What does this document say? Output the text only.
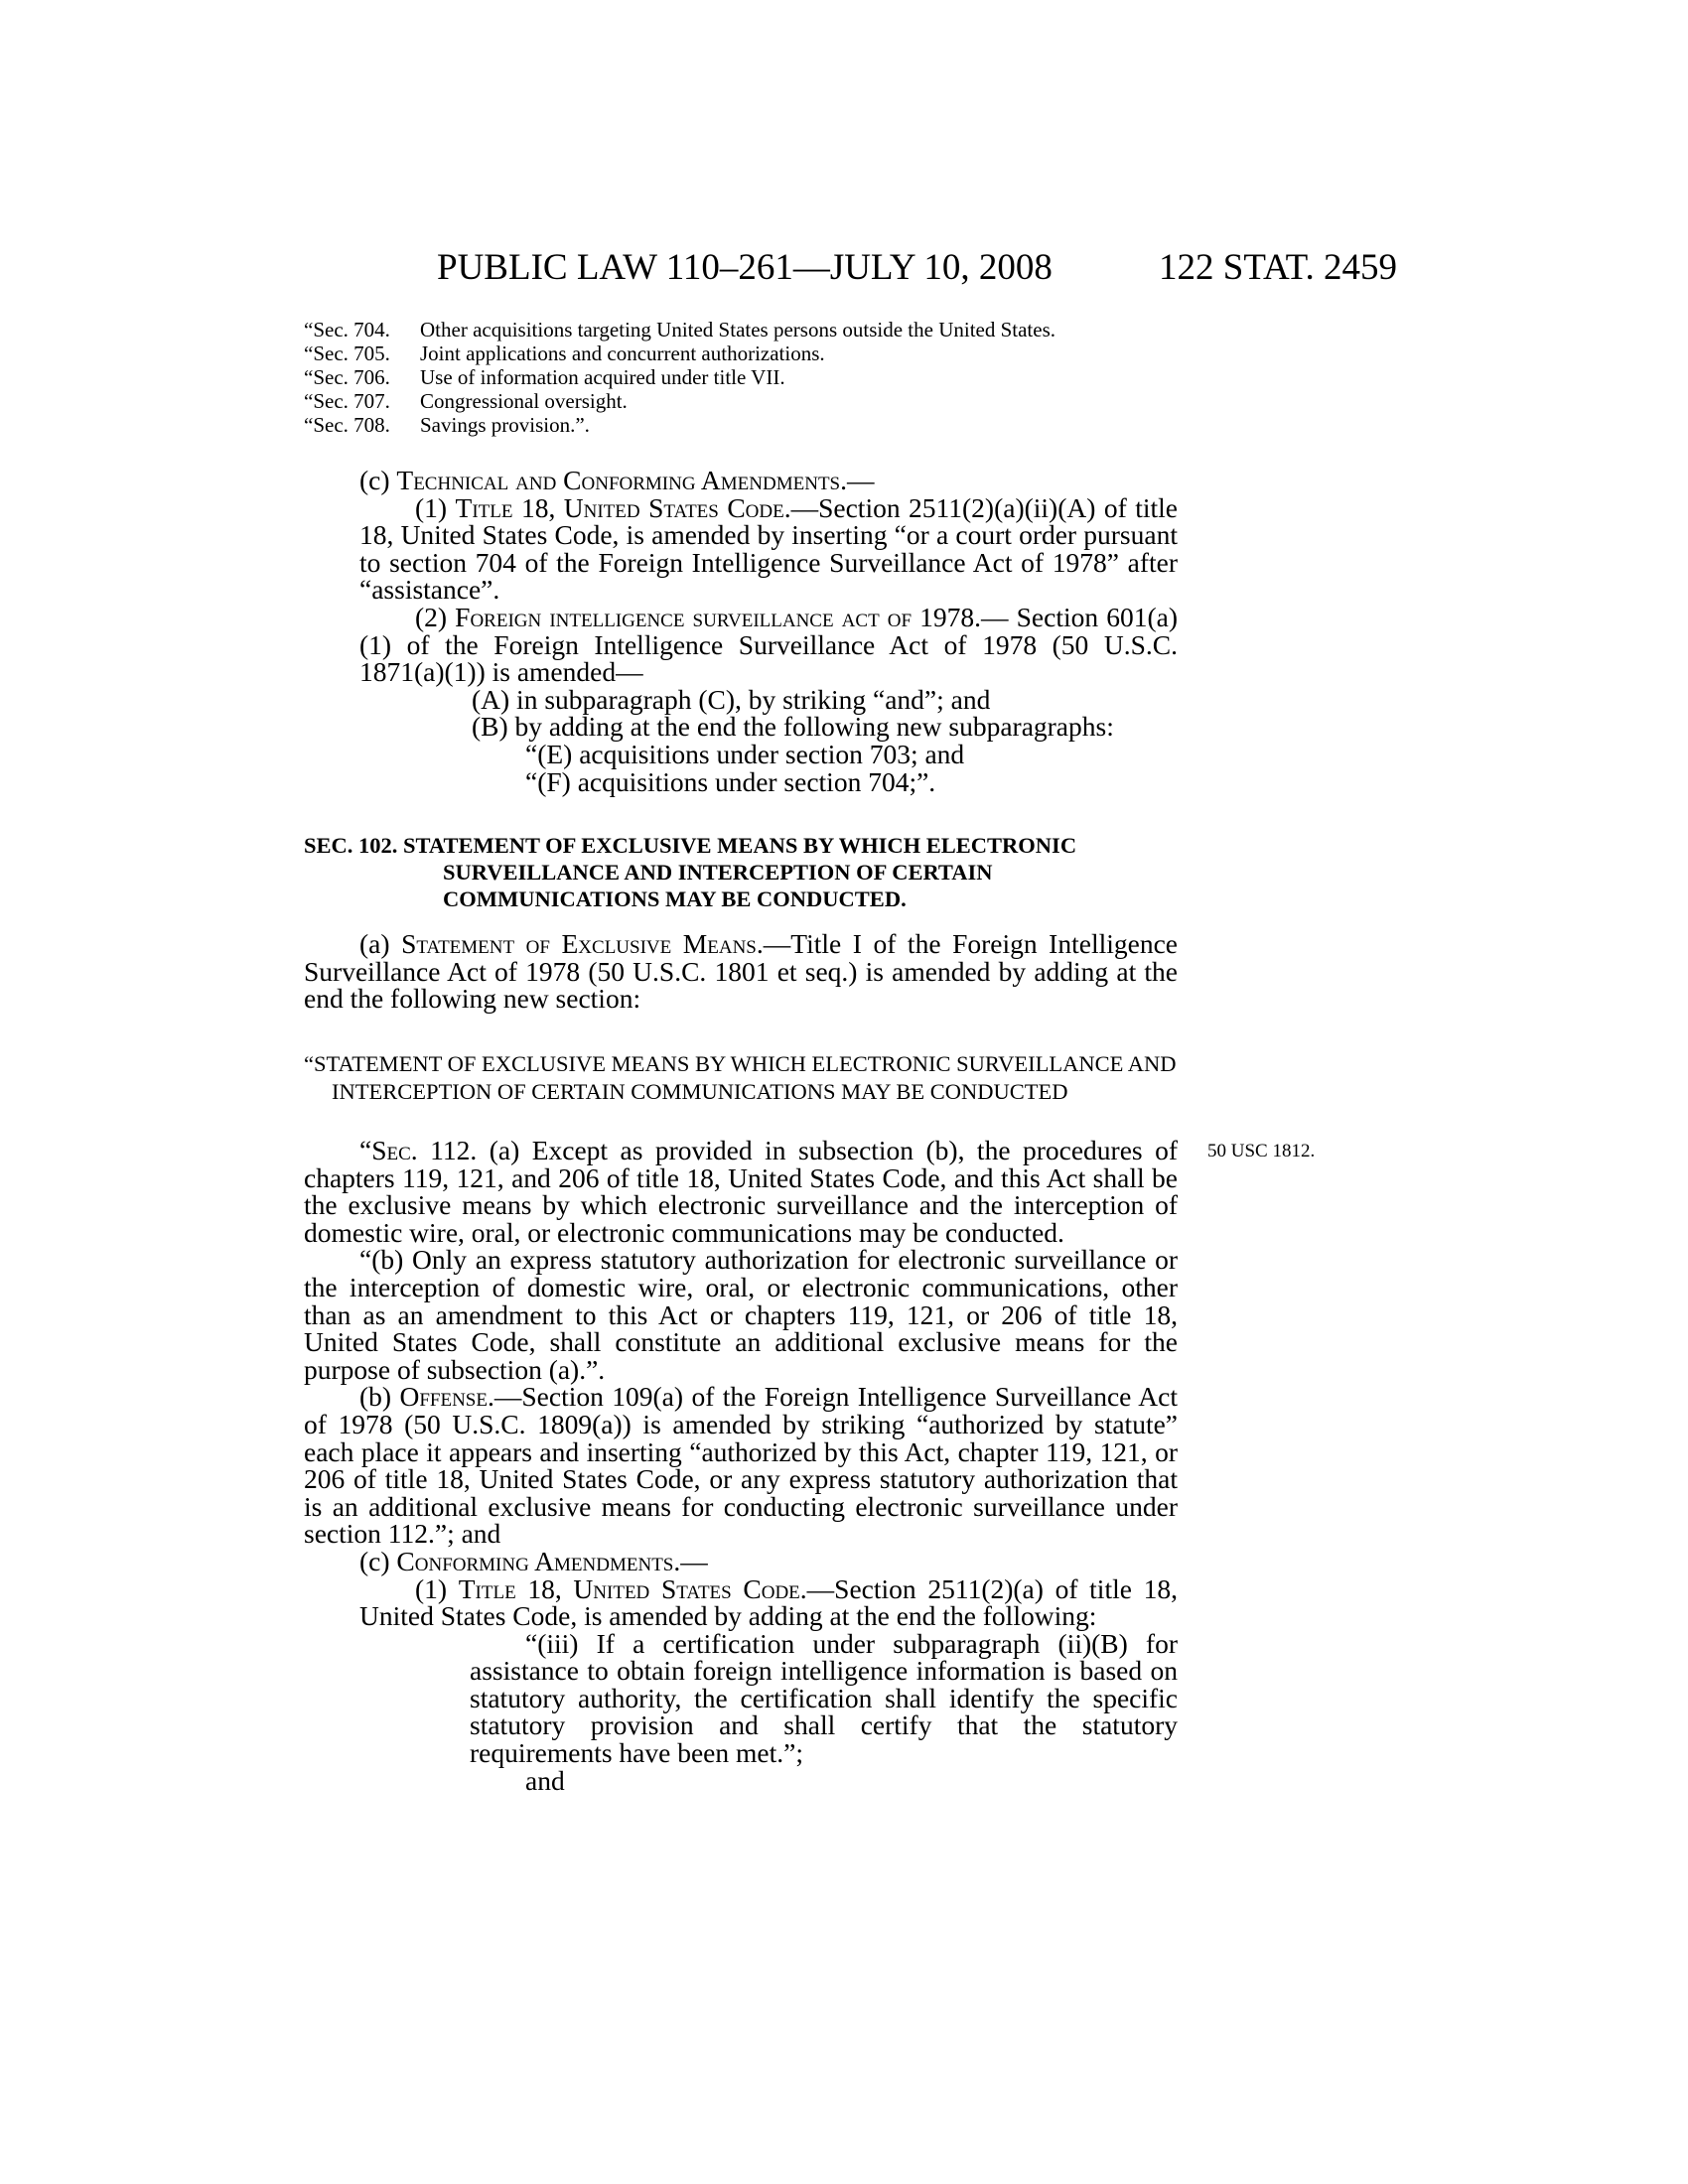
PUBLIC LAW 110–261—JULY 10, 2008	122 STAT. 2459
“Sec. 704.	Other acquisitions targeting United States persons outside the United States.
“Sec. 705.	Joint applications and concurrent authorizations.
“Sec. 706.	Use of information acquired under title VII.
“Sec. 707.	Congressional oversight.
“Sec. 708.	Savings provision.”.

(c) Technical and Conforming Amendments.—

(1) Title 18, United States Code.—Section 2511(2)(a)(ii)(A) of title 18, United States Code, is amended by inserting “or a court order pursuant to section 704 of the Foreign Intelligence Surveillance Act of 1978” after “assistance”.

(2) Foreign intelligence surveillance act of 1978.— Section 601(a)(1) of the Foreign Intelligence Surveillance Act of 1978 (50 U.S.C. 1871(a)(1)) is amended—

(A) in subparagraph (C), by striking “and”; and

(B) by adding at the end the following new subparagraphs:

“(E) acquisitions under section 703; and

“(F) acquisitions under section 704;”.

SEC. 102. STATEMENT OF EXCLUSIVE MEANS BY WHICH ELECTRONIC SURVEILLANCE AND INTERCEPTION OF CERTAIN COMMUNICATIONS MAY BE CONDUCTED.

(a) Statement of Exclusive Means.—Title I of the Foreign Intelligence Surveillance Act of 1978 (50 U.S.C. 1801 et seq.) is amended by adding at the end the following new section:

“STATEMENT OF EXCLUSIVE MEANS BY WHICH ELECTRONIC SURVEILLANCE AND INTERCEPTION OF CERTAIN COMMUNICATIONS MAY BE CONDUCTED

50 USC 1812.

“Sec. 112. (a) Except as provided in subsection (b), the procedures of chapters 119, 121, and 206 of title 18, United States Code, and this Act shall be the exclusive means by which electronic surveillance and the interception of domestic wire, oral, or electronic communications may be conducted.

“(b) Only an express statutory authorization for electronic surveillance or the interception of domestic wire, oral, or electronic communications, other than as an amendment to this Act or chapters 119, 121, or 206 of title 18, United States Code, shall constitute an additional exclusive means for the purpose of subsection (a).”.

(b) Offense.—Section 109(a) of the Foreign Intelligence Surveillance Act of 1978 (50 U.S.C. 1809(a)) is amended by striking “authorized by statute” each place it appears and inserting “authorized by this Act, chapter 119, 121, or 206 of title 18, United States Code, or any express statutory authorization that is an additional exclusive means for conducting electronic surveillance under section 112.”; and

(c) Conforming Amendments.—

(1) Title 18, United States Code.—Section 2511(2)(a) of title 18, United States Code, is amended by adding at the end the following:

“(iii) If a certification under subparagraph (ii)(B) for assistance to obtain foreign intelligence information is based on statutory authority, the certification shall identify the specific statutory provision and shall certify that the statutory requirements have been met.”;

and
